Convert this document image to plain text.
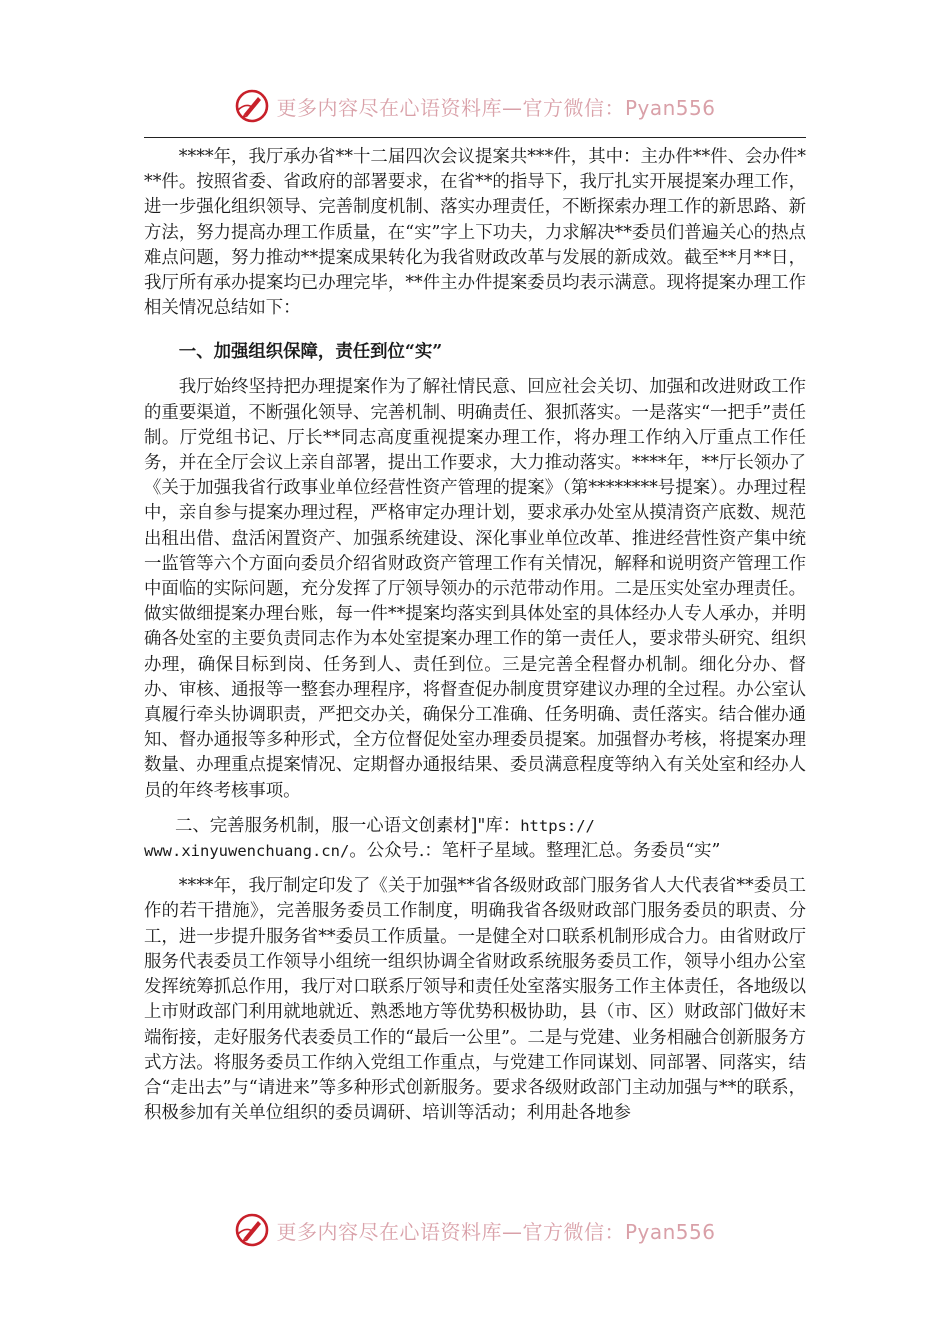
更多内容尽在心语资料库—官方微信：Pyan556

****年，我厅承办省**十二届四次会议提案共***件，其中：主办件**件、会办件***件。按照省委、省政府的部署要求，在省**的指导下，我厅扎实开展提案办理工作，进一步强化组织领导、完善制度机制、落实办理责任，不断探索办理工作的新思路、新方法，努力提高办理工作质量，在“实”字上下功夫，力求解决**委员们普遍关心的热点难点问题，努力推动**提案成果转化为我省财政改革与发展的新成效。截至**月**日，我厅所有承办提案均已办理完毕，**件主办件提案委员均表示满意。现将提案办理工作相关情况总结如下：

一、加强组织保障，责任到位“实”

我厅始终坚持把办理提案作为了解社情民意、回应社会关切、加强和改进财政工作的重要渠道，不断强化领导、完善机制、明确责任、狠抓落实。一是落实“一把手”责任制。厅党组书记、厅长**同志高度重视提案办理工作，将办理工作纳入厅重点工作任务，并在全厅会议上亲自部署，提出工作要求，大力推动落实。****年，**厅长领办了《关于加强我省行政事业单位经营性资产管理的提案》（第********号提案）。办理过程中，亲自参与提案办理过程，严格审定办理计划，要求承办处室从摸清资产底数、规范出租出借、盘活闲置资产、加强系统建设、深化事业单位改革、推进经营性资产集中统一监管等六个方面向委员介绍省财政资产管理工作有关情况，解释和说明资产管理工作中面临的实际问题，充分发挥了厅领导领办的示范带动作用。二是压实处室办理责任。做实做细提案办理台账，每一件**提案均落实到具体处室的具体经办人专人承办，并明确各处室的主要负责同志作为本处室提案办理工作的第一责任人，要求带头研究、组织办理，确保目标到岗、任务到人、责任到位。三是完善全程督办机制。细化分办、督办、审核、通报等一整套办理程序，将督查促办制度贯穿建议办理的全过程。办公室认真履行牵头协调职责，严把交办关，确保分工准确、任务明确、责任落实。结合催办通知、督办通报等多种形式，全方位督促处室办理委员提案。加强督办考核，将提案办理数量、办理重点提案情况、定期督办通报结果、委员满意程度等纳入有关处室和经办人员的年终考核事项。

二、完善服务机制，服一心语文创素材]"库：https://

www.xinyuwenchuang.cn/。公众号.：笔杆子星域。整理汇总。务委员“实”

****年，我厅制定印发了《关于加强**省各级财政部门服务省人大代表省**委员工作的若干措施》，完善服务委员工作制度，明确我省各级财政部门服务委员的职责、分工，进一步提升服务省**委员工作质量。一是健全对口联系机制形成合力。由省财政厅服务代表委员工作领导小组统一组织协调全省财政系统服务委员工作，领导小组办公室发挥统筹抓总作用，我厅对口联系厅领导和责任处室落实服务工作主体责任，各地级以上市财政部门利用就地就近、熟悉地方等优势积极协助，县（市、区）财政部门做好末端衔接，走好服务代表委员工作的“最后一公里”。二是与党建、业务相融合创新服务方式方法。将服务委员工作纳入党组工作重点，与党建工作同谋划、同部署、同落实，结合“走出去”与“请进来”等多种形式创新服务。要求各级财政部门主动加强与**的联系，积极参加有关单位组织的委员调研、培训等活动；利用赴各地参

更多内容尽在心语资料库—官方微信：Pyan556
